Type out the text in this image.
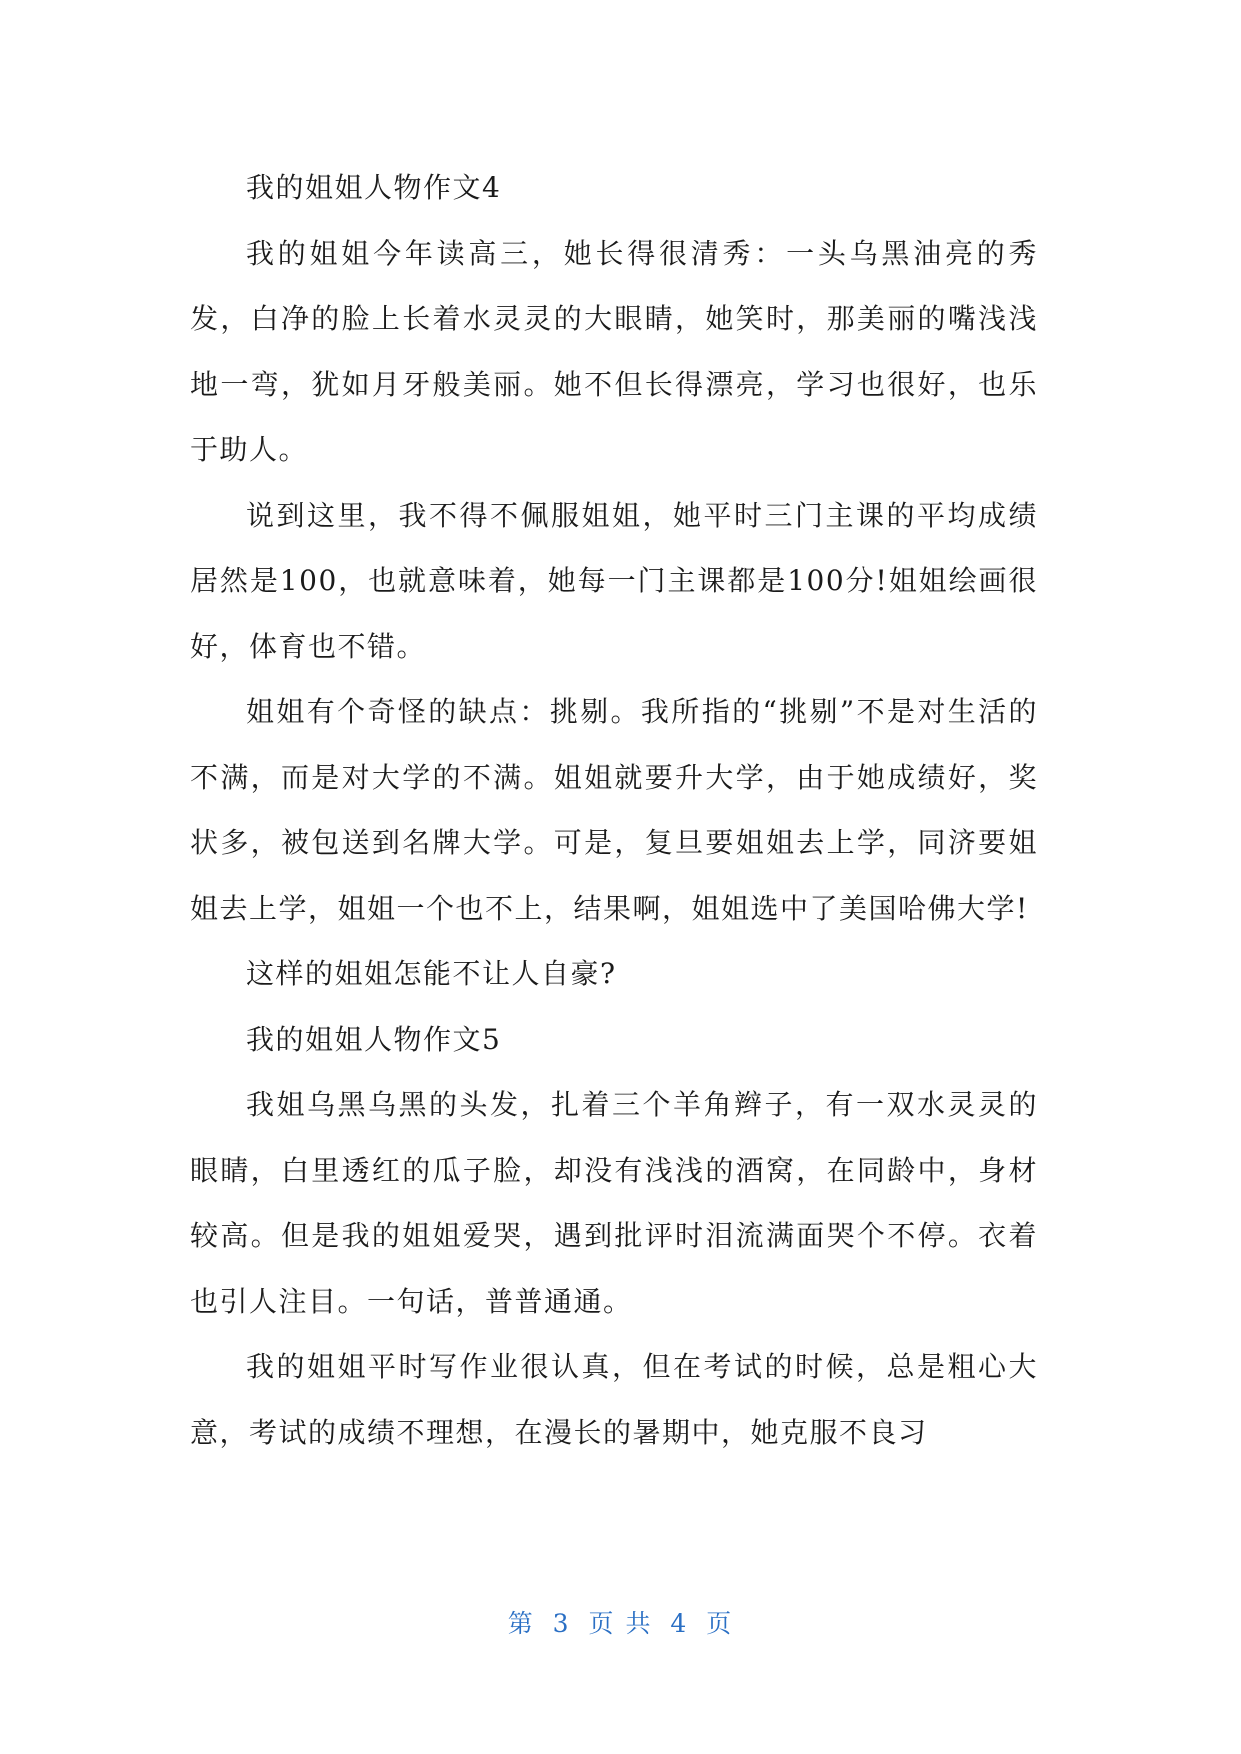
我的姐姐人物作文4

我的姐姐今年读高三，她长得很清秀：一头乌黑油亮的秀发，白净的脸上长着水灵灵的大眼睛，她笑时，那美丽的嘴浅浅地一弯，犹如月牙般美丽。她不但长得漂亮，学习也很好，也乐于助人。

说到这里，我不得不佩服姐姐，她平时三门主课的平均成绩居然是100，也就意味着，她每一门主课都是100分!姐姐绘画很好，体育也不错。

姐姐有个奇怪的缺点：挑剔。我所指的“挑剔”不是对生活的不满，而是对大学的不满。姐姐就要升大学，由于她成绩好，奖状多，被包送到名牌大学。可是，复旦要姐姐去上学，同济要姐姐去上学，姐姐一个也不上，结果啊，姐姐选中了美国哈佛大学!

这样的姐姐怎能不让人自豪?

我的姐姐人物作文5

我姐乌黑乌黑的头发，扎着三个羊角辫子，有一双水灵灵的眼睛，白里透红的瓜子脸，却没有浅浅的酒窝，在同龄中，身材较高。但是我的姐姐爱哭，遇到批评时泪流满面哭个不停。衣着也引人注目。一句话，普普通通。

我的姐姐平时写作业很认真，但在考试的时候，总是粗心大意，考试的成绩不理想，在漫长的暑期中，她克服不良习

第 3 页 共 4 页
